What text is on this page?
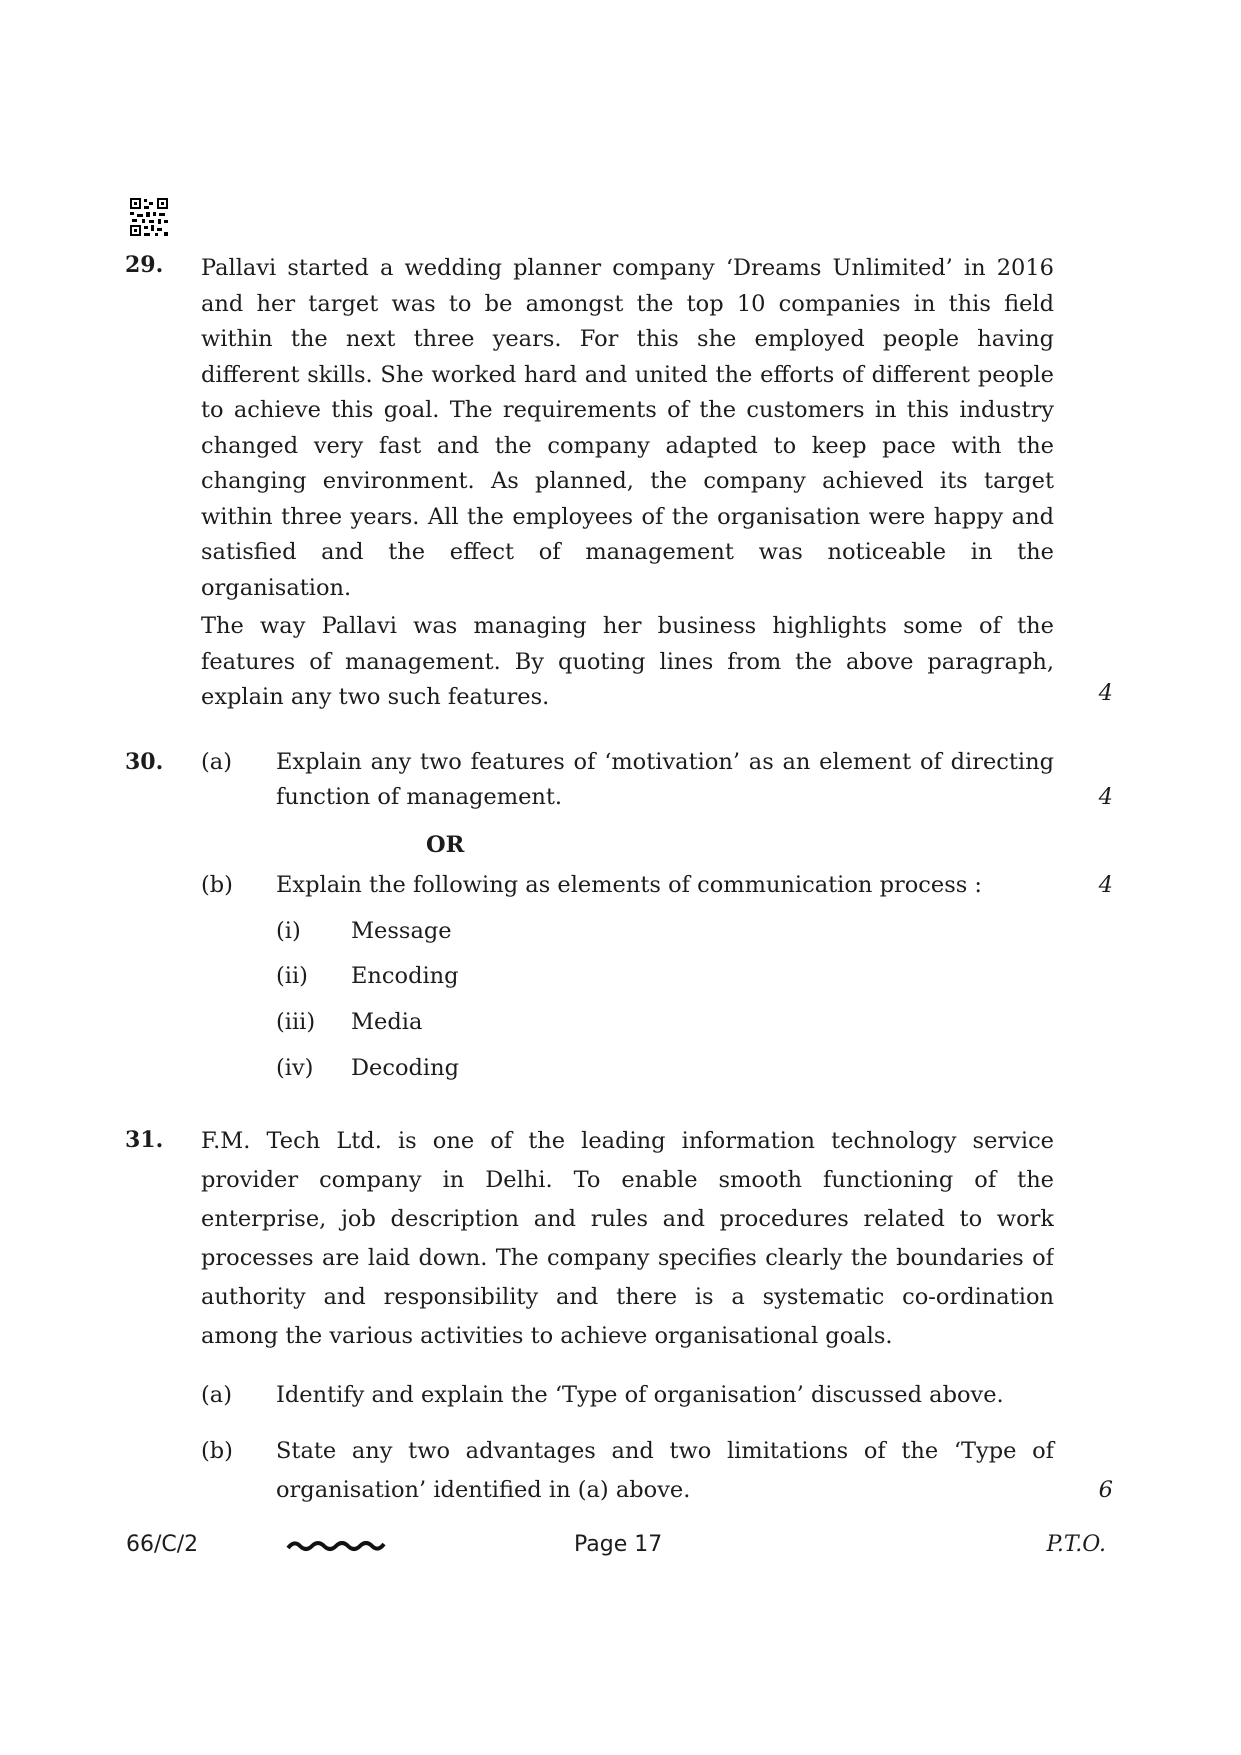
29. Pallavi started a wedding planner company ‘Dreams Unlimited’ in 2016
and her target was to be amongst the top 10 companies in this field
within the next three years. For this she employed people having
different skills. She worked hard and united the efforts of different people
to achieve this goal. The requirements of the customers in this industry
changed very fast and the company adapted to keep pace with the
changing environment. As planned, the company achieved its target
within three years. All the employees of the organisation were happy and
satisfied and the effect of management was noticeable in the
organisation.
The way Pallavi was managing her business highlights some of the
features of management. By quoting lines from the above paragraph,
explain any two such features.	4
30. (a) Explain any two features of ‘motivation’ as an element of directing
function of management.	4
OR
(b) Explain the following as elements of communication process :	4
(i) Message
(ii) Encoding
(iii) Media
(iv) Decoding
31. F.M. Tech Ltd. is one of the leading information technology service
provider company in Delhi. To enable smooth functioning of the
enterprise, job description and rules and procedures related to work
processes are laid down. The company specifies clearly the boundaries of
authority and responsibility and there is a systematic co-ordination
among the various activities to achieve organisational goals.
(a) Identify and explain the ‘Type of organisation’ discussed above.
(b) State any two advantages and two limitations of the ‘Type of
organisation’ identified in (a) above.	6
66/C/2	Page 17	P.T.O.
